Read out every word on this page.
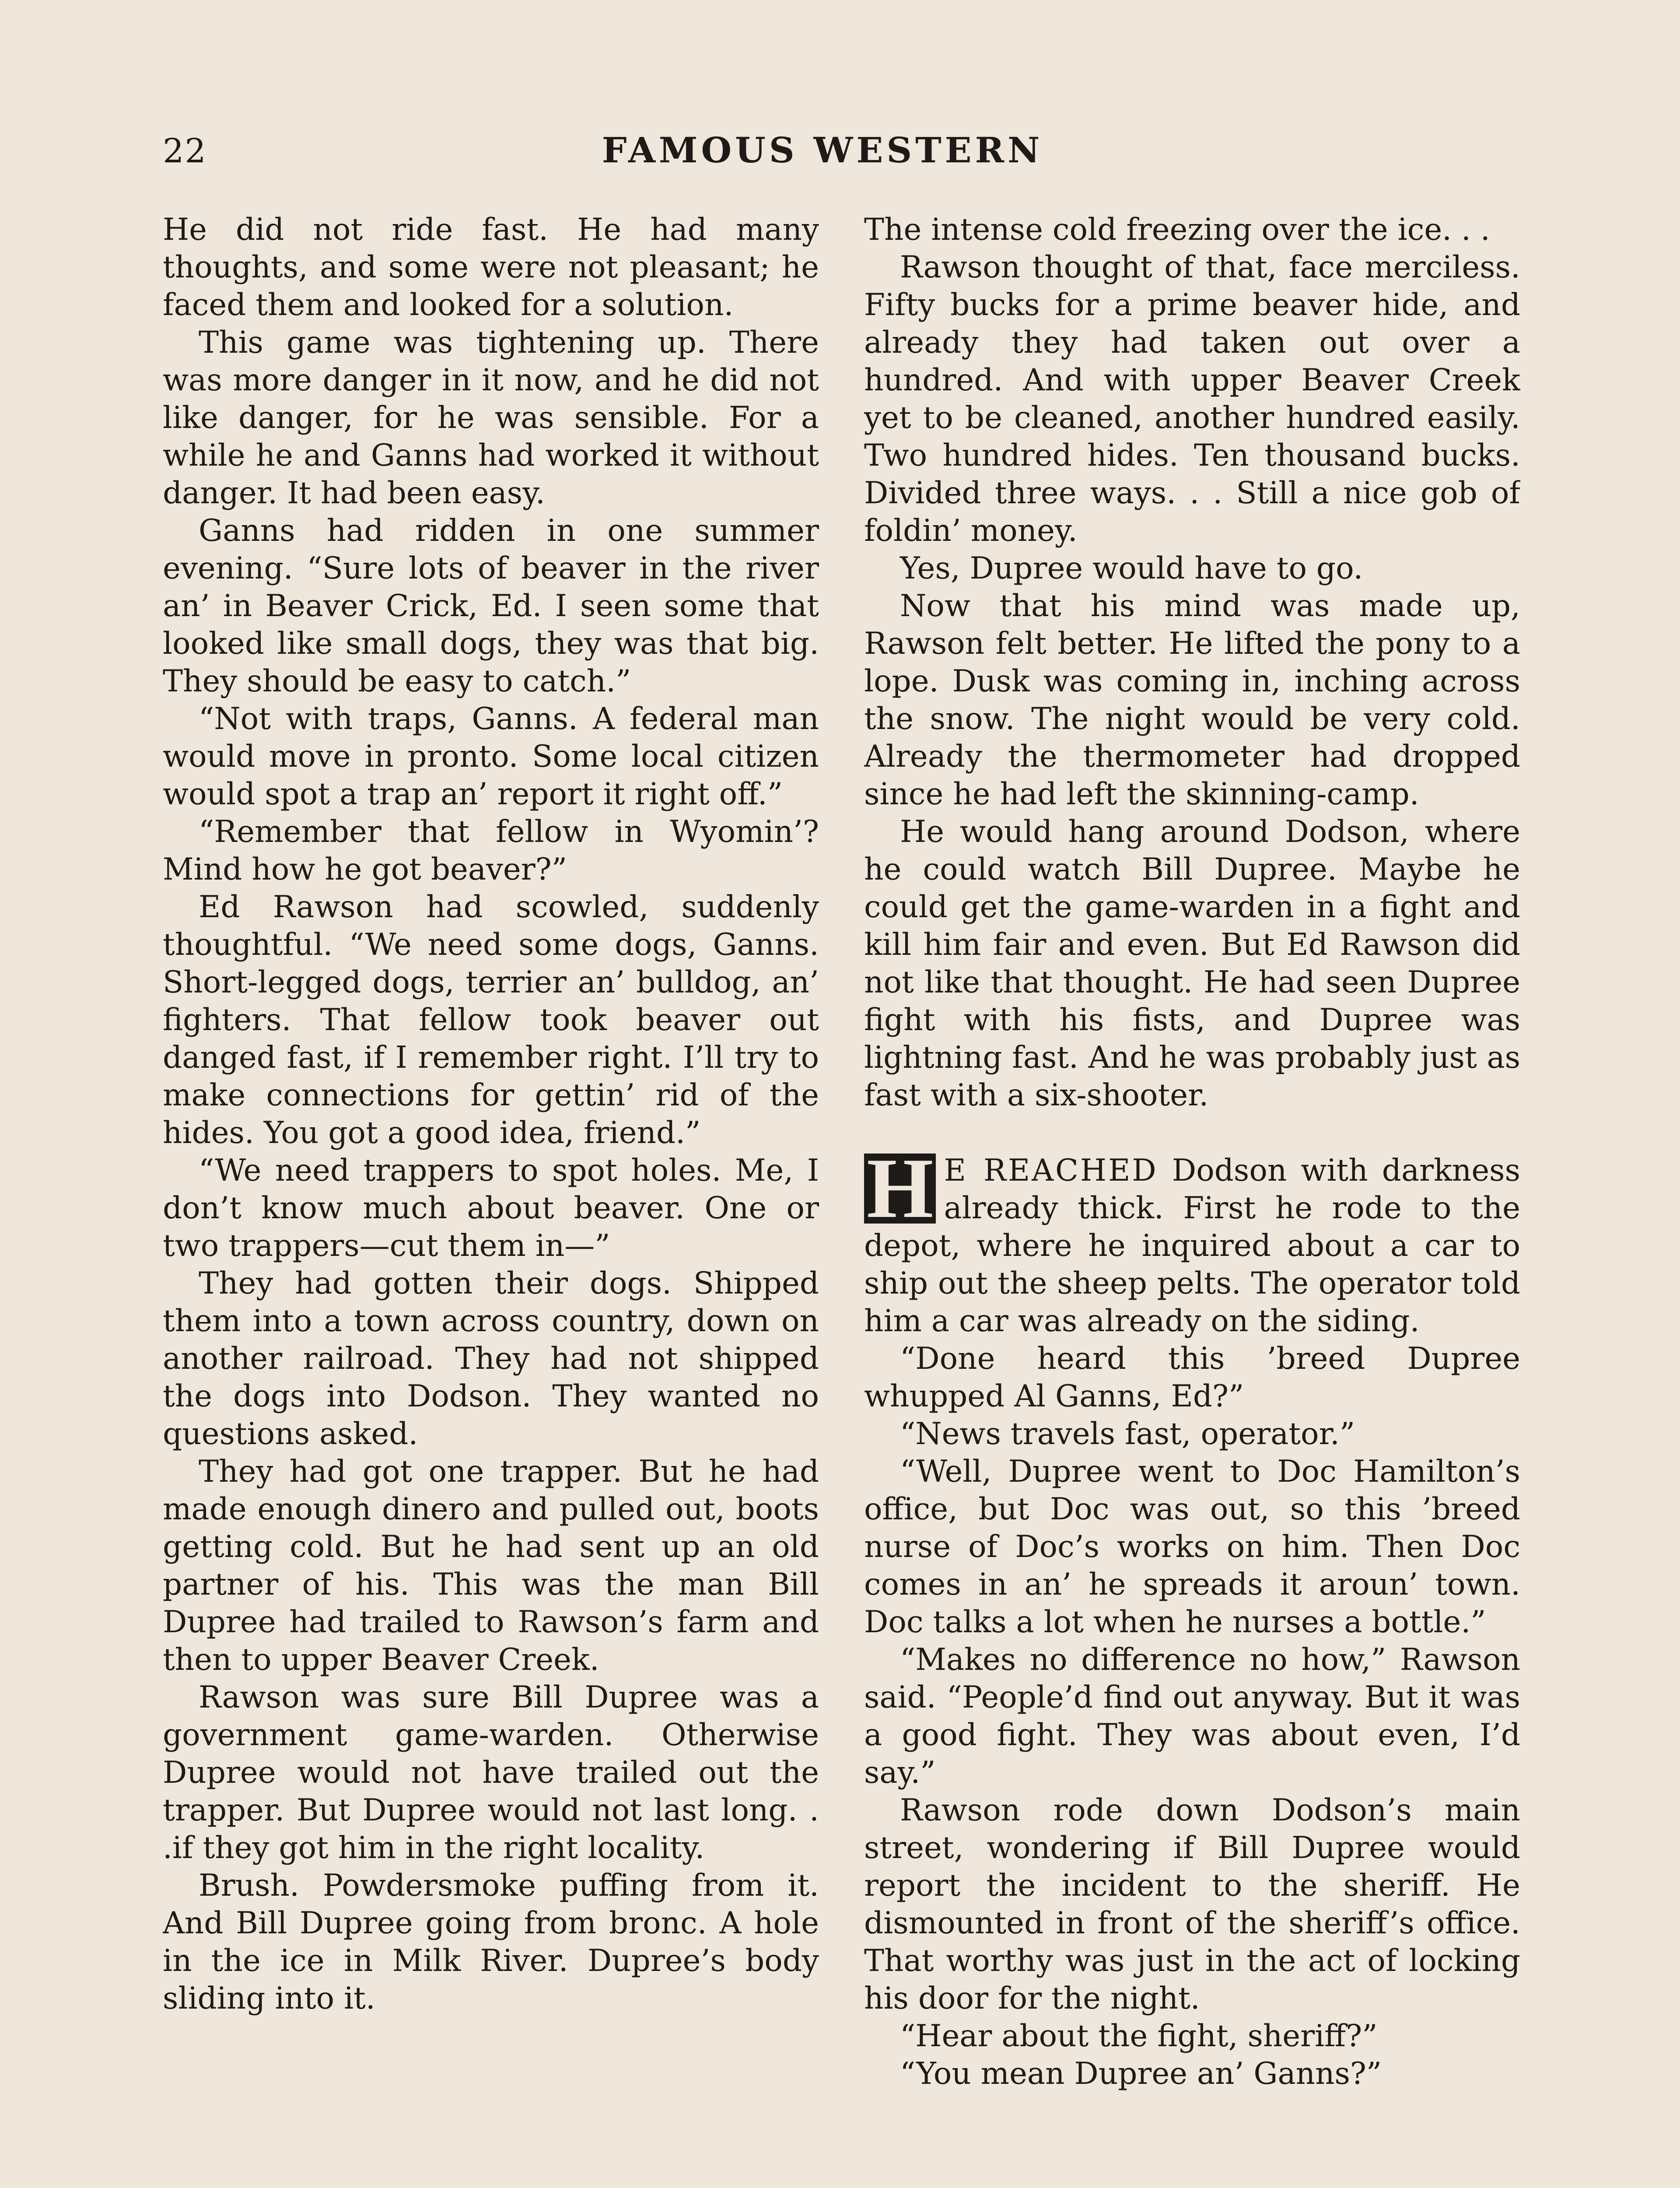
22	FAMOUS WESTERN

He did not ride fast. He had many thoughts, and some were not pleasant; he faced them and looked for a solution.

This game was tightening up. There was more danger in it now, and he did not like danger, for he was sensible. For a while he and Ganns had worked it without danger. It had been easy.

Ganns had ridden in one summer evening. “Sure lots of beaver in the river an’ in Beaver Crick, Ed. I seen some that looked like small dogs, they was that big. They should be easy to catch.”

“Not with traps, Ganns. A federal man would move in pronto. Some local citizen would spot a trap an’ report it right off.”

“Remember that fellow in Wyomin’? Mind how he got beaver?”

Ed Rawson had scowled, suddenly thoughtful. “We need some dogs, Ganns. Short-legged dogs, terrier an’ bulldog, an’ fighters. That fellow took beaver out danged fast, if I remember right. I’ll try to make connections for gettin’ rid of the hides. You got a good idea, friend.”

“We need trappers to spot holes. Me, I don’t know much about beaver. One or two trappers—cut them in—”

They had gotten their dogs. Shipped them into a town across country, down on another railroad. They had not shipped the dogs into Dodson. They wanted no questions asked.

They had got one trapper. But he had made enough dinero and pulled out, boots getting cold. But he had sent up an old partner of his. This was the man Bill Dupree had trailed to Rawson’s farm and then to upper Beaver Creek.

Rawson was sure Bill Dupree was a government game-warden. Otherwise Dupree would not have trailed out the trapper. But Dupree would not last long. . .if they got him in the right locality.

Brush. Powdersmoke puffing from it. And Bill Dupree going from bronc. A hole in the ice in Milk River. Dupree’s body sliding into it.

The intense cold freezing over the ice. . .

Rawson thought of that, face merciless. Fifty bucks for a prime beaver hide, and already they had taken out over a hundred. And with upper Beaver Creek yet to be cleaned, another hundred easily. Two hundred hides. Ten thousand bucks. Divided three ways. . . Still a nice gob of foldin’ money.

Yes, Dupree would have to go.

Now that his mind was made up, Rawson felt better. He lifted the pony to a lope. Dusk was coming in, inching across the snow. The night would be very cold. Already the thermometer had dropped since he had left the skinning-camp.

He would hang around Dodson, where he could watch Bill Dupree. Maybe he could get the game-warden in a fight and kill him fair and even. But Ed Rawson did not like that thought. He had seen Dupree fight with his fists, and Dupree was lightning fast. And he was probably just as fast with a six-shooter.

H E REACHED Dodson with darkness already thick. First he rode to the depot, where he inquired about a car to ship out the sheep pelts. The operator told him a car was already on the siding.

“Done heard this ’breed Dupree whupped Al Ganns, Ed?”

“News travels fast, operator.”

“Well, Dupree went to Doc Hamilton’s office, but Doc was out, so this ’breed nurse of Doc’s works on him. Then Doc comes in an’ he spreads it aroun’ town. Doc talks a lot when he nurses a bottle.”

“Makes no difference no how,” Rawson said. “People’d find out anyway. But it was a good fight. They was about even, I’d say.”

Rawson rode down Dodson’s main street, wondering if Bill Dupree would report the incident to the sheriff. He dismounted in front of the sheriff’s office. That worthy was just in the act of locking his door for the night.

“Hear about the fight, sheriff?”

“You mean Dupree an’ Ganns?”
